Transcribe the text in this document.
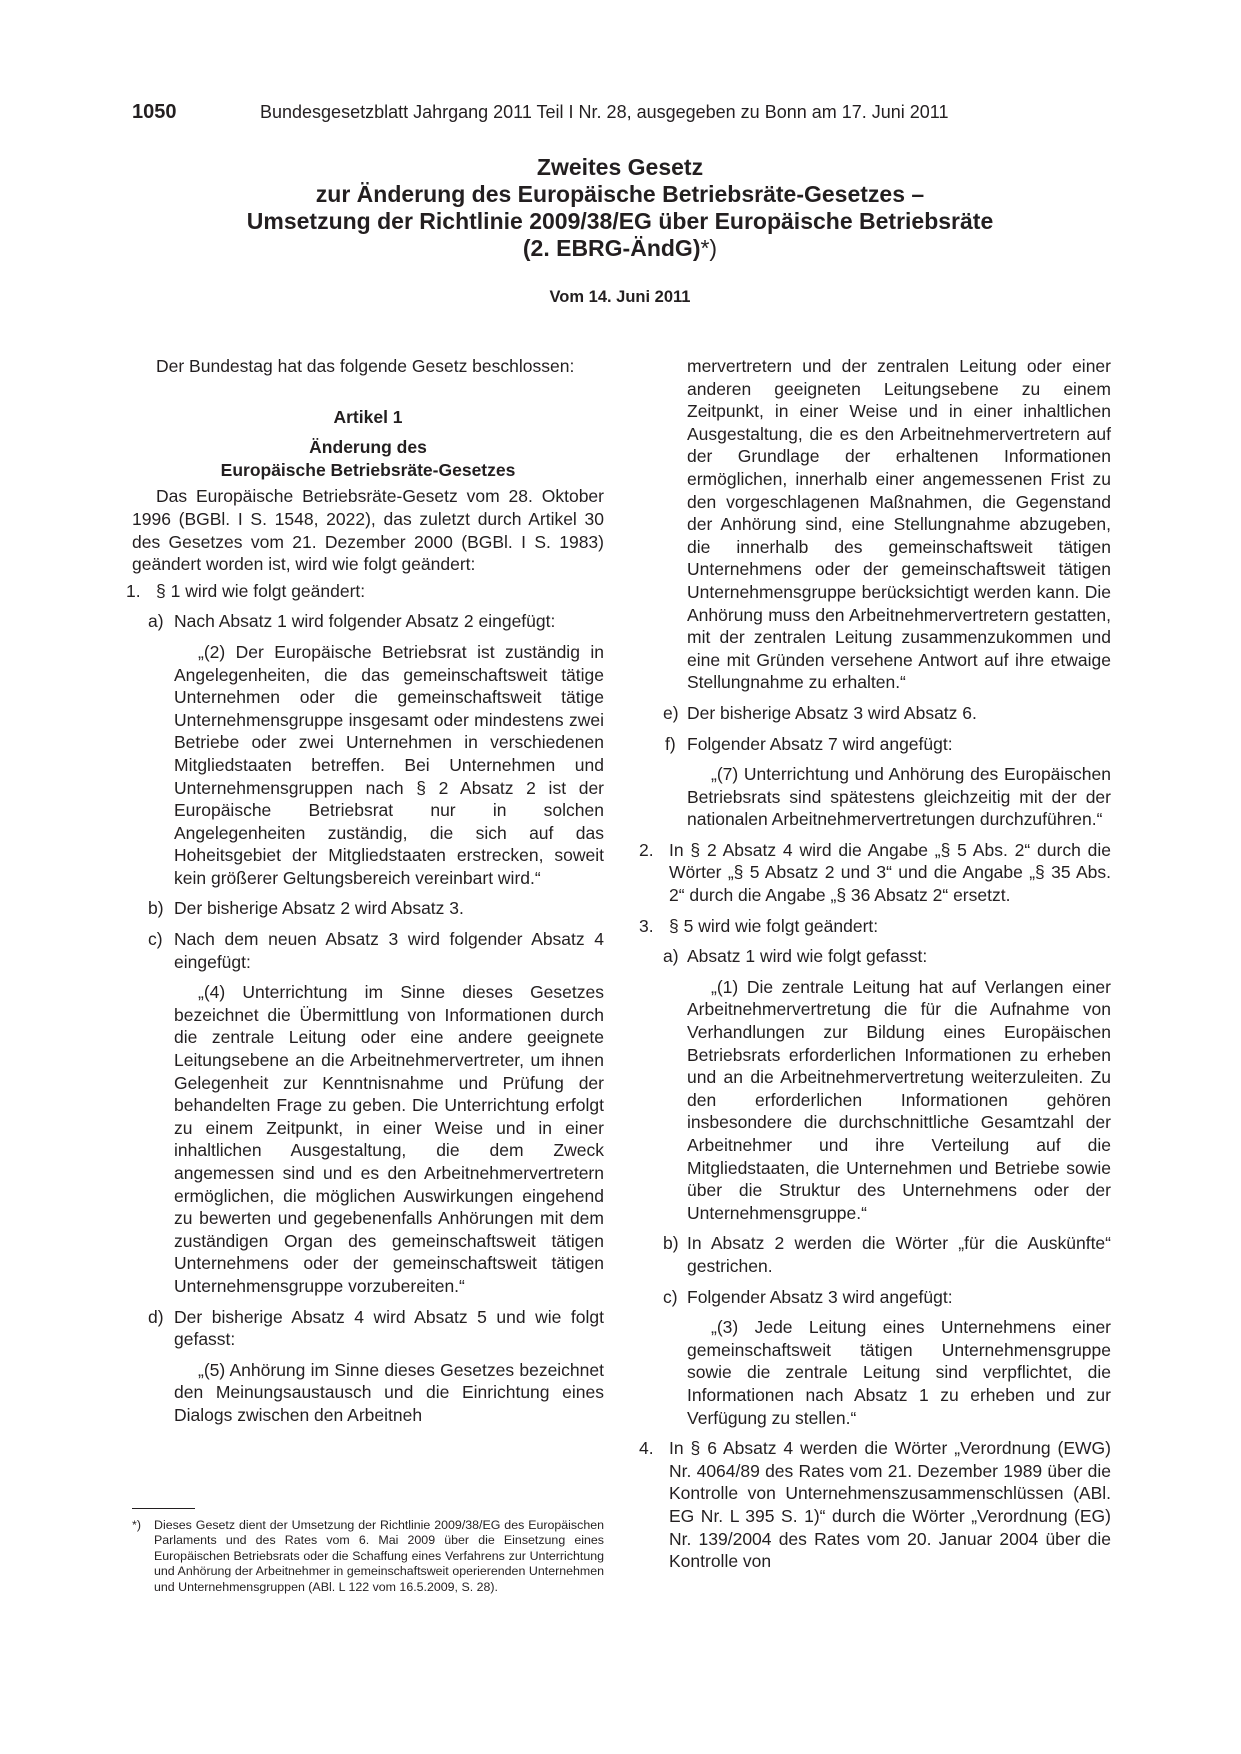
1050	Bundesgesetzblatt Jahrgang 2011 Teil I Nr. 28, ausgegeben zu Bonn am 17. Juni 2011
Zweites Gesetz
zur Änderung des Europäische Betriebsräte-Gesetzes –
Umsetzung der Richtlinie 2009/38/EG über Europäische Betriebsräte
(2. EBRG-ÄndG)*)
Vom 14. Juni 2011

Der Bundestag hat das folgende Gesetz beschlossen:

Artikel 1

Änderung des

Europäische Betriebsräte-Gesetzes

Das Europäische Betriebsräte-Gesetz vom 28. Oktober 1996 (BGBl. I S. 1548, 2022), das zuletzt durch Artikel 30 des Gesetzes vom 21. Dezember 2000 (BGBl. I S. 1983) geändert worden ist, wird wie folgt geändert:

1. § 1 wird wie folgt geändert:

a) Nach Absatz 1 wird folgender Absatz 2 eingefügt:

„(2) Der Europäische Betriebsrat ist zuständig in Angelegenheiten, die das gemeinschaftsweit tätige Unternehmen oder die gemeinschaftsweit tätige Unternehmensgruppe insgesamt oder mindestens zwei Betriebe oder zwei Unternehmen in verschiedenen Mitgliedstaaten betreffen. Bei Unternehmen und Unternehmensgruppen nach § 2 Absatz 2 ist der Europäische Betriebsrat nur in solchen Angelegenheiten zuständig, die sich auf das Hoheitsgebiet der Mitgliedstaaten erstrecken, soweit kein größerer Geltungsbereich vereinbart wird.“

b) Der bisherige Absatz 2 wird Absatz 3.

c) Nach dem neuen Absatz 3 wird folgender Absatz 4 eingefügt:

„(4) Unterrichtung im Sinne dieses Gesetzes bezeichnet die Übermittlung von Informationen durch die zentrale Leitung oder eine andere geeignete Leitungsebene an die Arbeitnehmervertreter, um ihnen Gelegenheit zur Kenntnisnahme und Prüfung der behandelten Frage zu geben. Die Unterrichtung erfolgt zu einem Zeitpunkt, in einer Weise und in einer inhaltlichen Ausgestaltung, die dem Zweck angemessen sind und es den Arbeitnehmervertretern ermöglichen, die möglichen Auswirkungen eingehend zu bewerten und gegebenenfalls Anhörungen mit dem zuständigen Organ des gemeinschaftsweit tätigen Unternehmens oder der gemeinschaftsweit tätigen Unternehmensgruppe vorzubereiten.“

d) Der bisherige Absatz 4 wird Absatz 5 und wie folgt gefasst:

„(5) Anhörung im Sinne dieses Gesetzes bezeichnet den Meinungsaustausch und die Einrichtung eines Dialogs zwischen den Arbeitneh

mervertretern und der zentralen Leitung oder einer anderen geeigneten Leitungsebene zu einem Zeitpunkt, in einer Weise und in einer inhaltlichen Ausgestaltung, die es den Arbeitnehmervertretern auf der Grundlage der erhaltenen Informationen ermöglichen, innerhalb einer angemessenen Frist zu den vorgeschlagenen Maßnahmen, die Gegenstand der Anhörung sind, eine Stellungnahme abzugeben, die innerhalb des gemeinschaftsweit tätigen Unternehmens oder der gemeinschaftsweit tätigen Unternehmensgruppe berücksichtigt werden kann. Die Anhörung muss den Arbeitnehmervertretern gestatten, mit der zentralen Leitung zusammenzukommen und eine mit Gründen versehene Antwort auf ihre etwaige Stellungnahme zu erhalten.“

e) Der bisherige Absatz 3 wird Absatz 6.

f) Folgender Absatz 7 wird angefügt:

„(7) Unterrichtung und Anhörung des Europäischen Betriebsrats sind spätestens gleichzeitig mit der der nationalen Arbeitnehmervertretungen durchzuführen.“

2. In § 2 Absatz 4 wird die Angabe „§ 5 Abs. 2“ durch die Wörter „§ 5 Absatz 2 und 3“ und die Angabe „§ 35 Abs. 2“ durch die Angabe „§ 36 Absatz 2“ ersetzt.

3. § 5 wird wie folgt geändert:

a) Absatz 1 wird wie folgt gefasst:

„(1) Die zentrale Leitung hat auf Verlangen einer Arbeitnehmervertretung die für die Aufnahme von Verhandlungen zur Bildung eines Europäischen Betriebsrats erforderlichen Informationen zu erheben und an die Arbeitnehmervertretung weiterzuleiten. Zu den erforderlichen Informationen gehören insbesondere die durchschnittliche Gesamtzahl der Arbeitnehmer und ihre Verteilung auf die Mitgliedstaaten, die Unternehmen und Betriebe sowie über die Struktur des Unternehmens oder der Unternehmensgruppe.“

b) In Absatz 2 werden die Wörter „für die Auskünfte“ gestrichen.

c) Folgender Absatz 3 wird angefügt:

„(3) Jede Leitung eines Unternehmens einer gemeinschaftsweit tätigen Unternehmensgruppe sowie die zentrale Leitung sind verpflichtet, die Informationen nach Absatz 1 zu erheben und zur Verfügung zu stellen.“

4. In § 6 Absatz 4 werden die Wörter „Verordnung (EWG) Nr. 4064/89 des Rates vom 21. Dezember 1989 über die Kontrolle von Unternehmenszusammenschlüssen (ABl. EG Nr. L 395 S. 1)“ durch die Wörter „Verordnung (EG) Nr. 139/2004 des Rates vom 20. Januar 2004 über die Kontrolle von

*)	Dieses Gesetz dient der Umsetzung der Richtlinie 2009/38/EG des Europäischen Parlaments und des Rates vom 6. Mai 2009 über die Einsetzung eines Europäischen Betriebsrats oder die Schaffung eines Verfahrens zur Unterrichtung und Anhörung der Arbeitnehmer in gemeinschaftsweit operierenden Unternehmen und Unternehmensgruppen (ABl. L 122 vom 16.5.2009, S. 28).
